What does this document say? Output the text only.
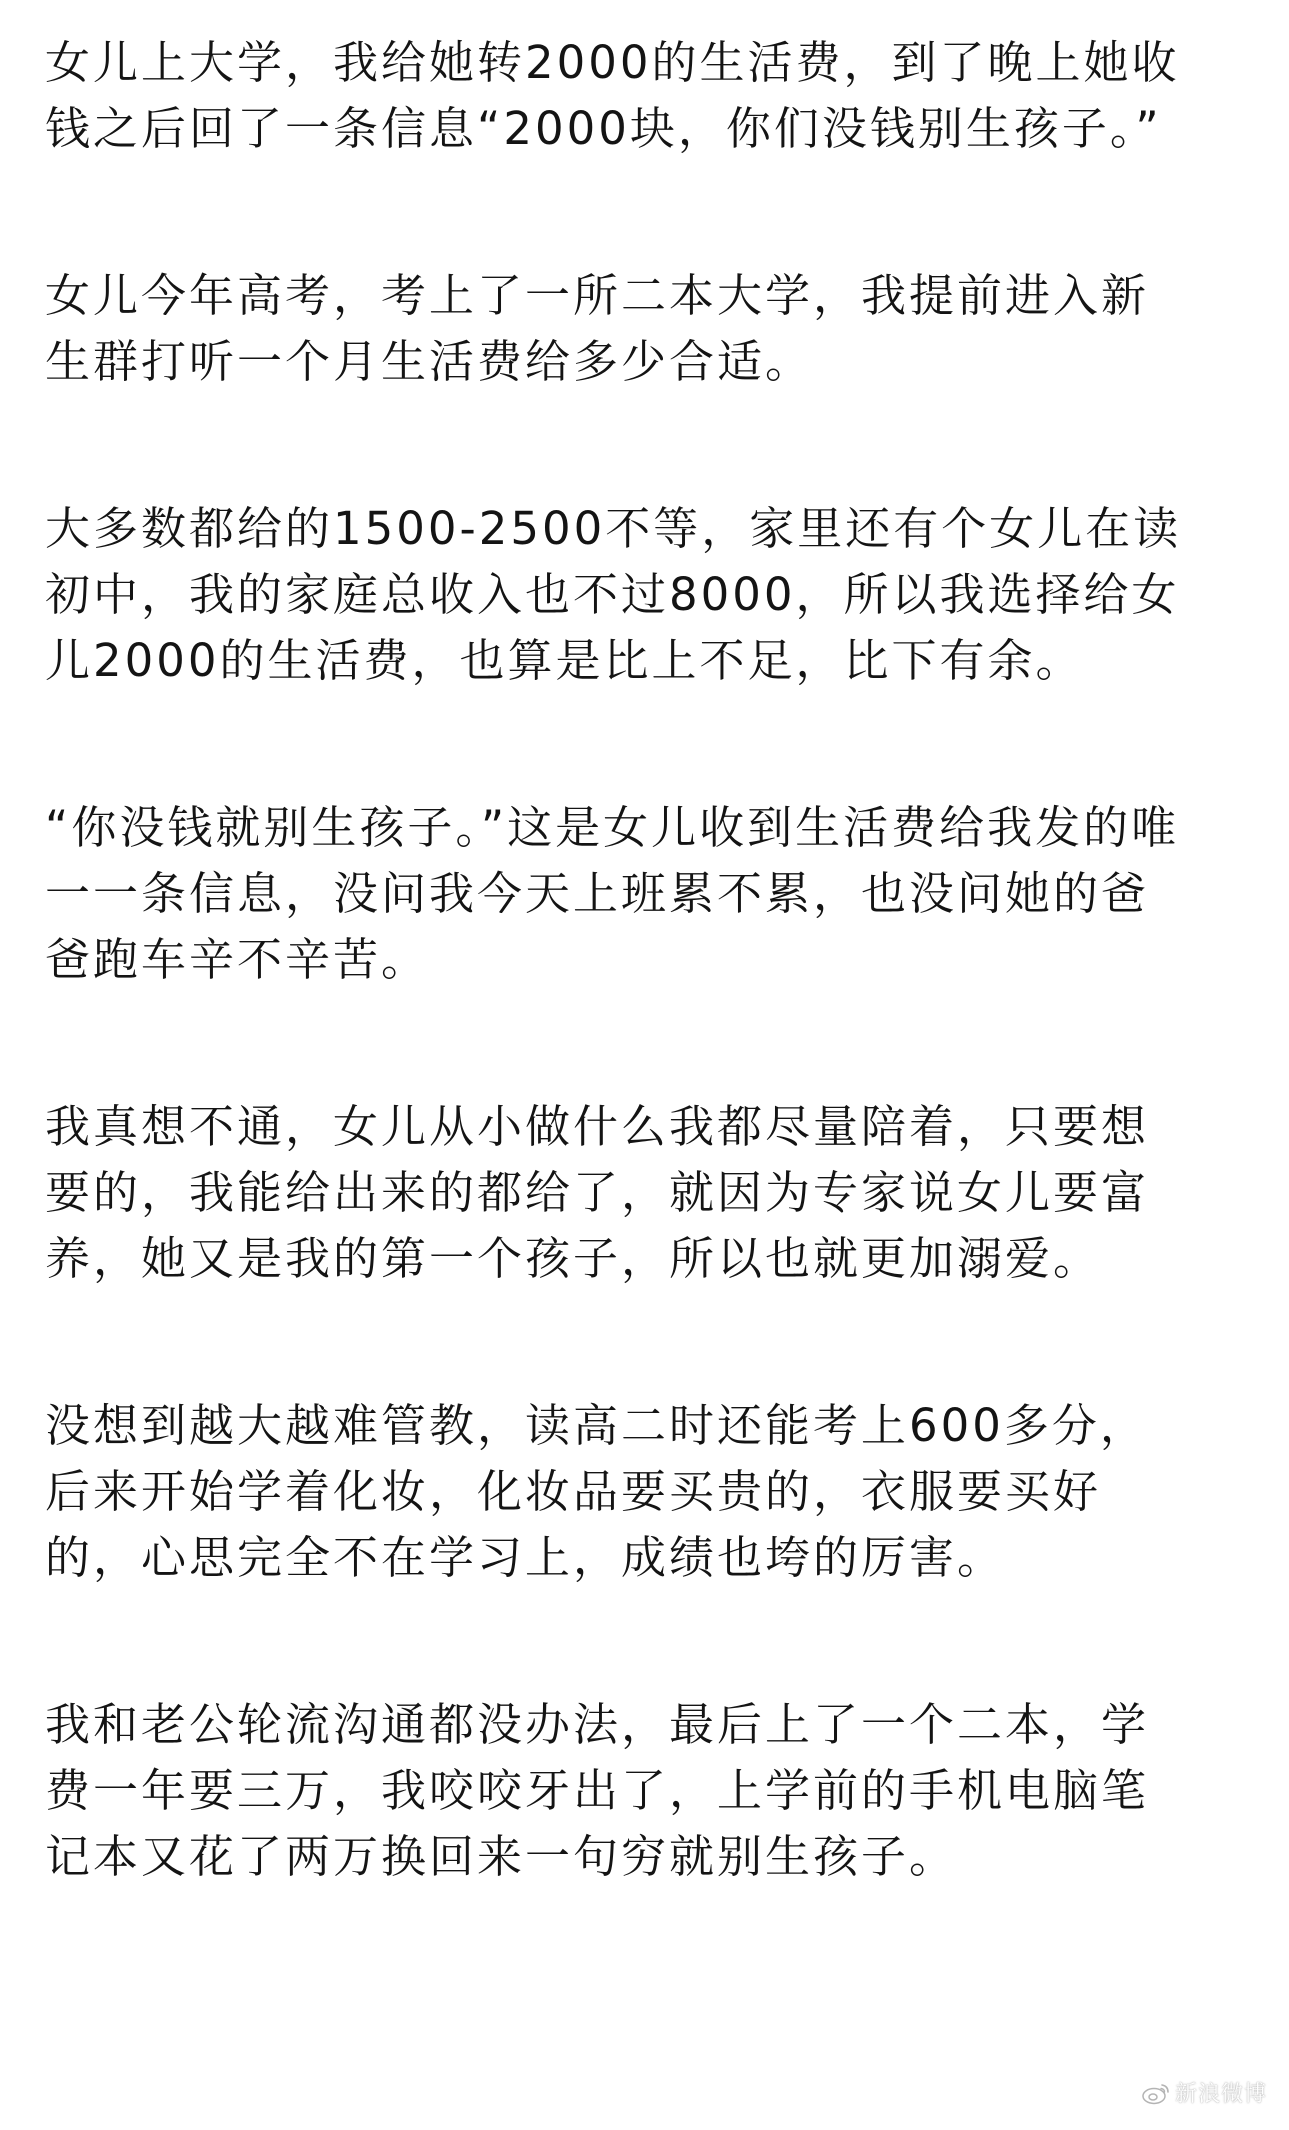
女儿上大学，我给她转2000的生活费，到了晚上她收
钱之后回了一条信息“2000块，你们没钱别生孩子。”

女儿今年高考，考上了一所二本大学，我提前进入新
生群打听一个月生活费给多少合适。

大多数都给的1500-2500不等，家里还有个女儿在读
初中，我的家庭总收入也不过8000，所以我选择给女
儿2000的生活费，也算是比上不足，比下有余。

“你没钱就别生孩子。”这是女儿收到生活费给我发的唯
一一条信息，没问我今天上班累不累，也没问她的爸
爸跑车辛不辛苦。

我真想不通，女儿从小做什么我都尽量陪着，只要想
要的，我能给出来的都给了，就因为专家说女儿要富
养，她又是我的第一个孩子，所以也就更加溺爱。

没想到越大越难管教，读高二时还能考上600多分，
后来开始学着化妆，化妆品要买贵的，衣服要买好
的，心思完全不在学习上，成绩也垮的厉害。

我和老公轮流沟通都没办法，最后上了一个二本，学
费一年要三万，我咬咬牙出了，上学前的手机电脑笔
记本又花了两万换回来一句穷就别生孩子。

新浪微博
